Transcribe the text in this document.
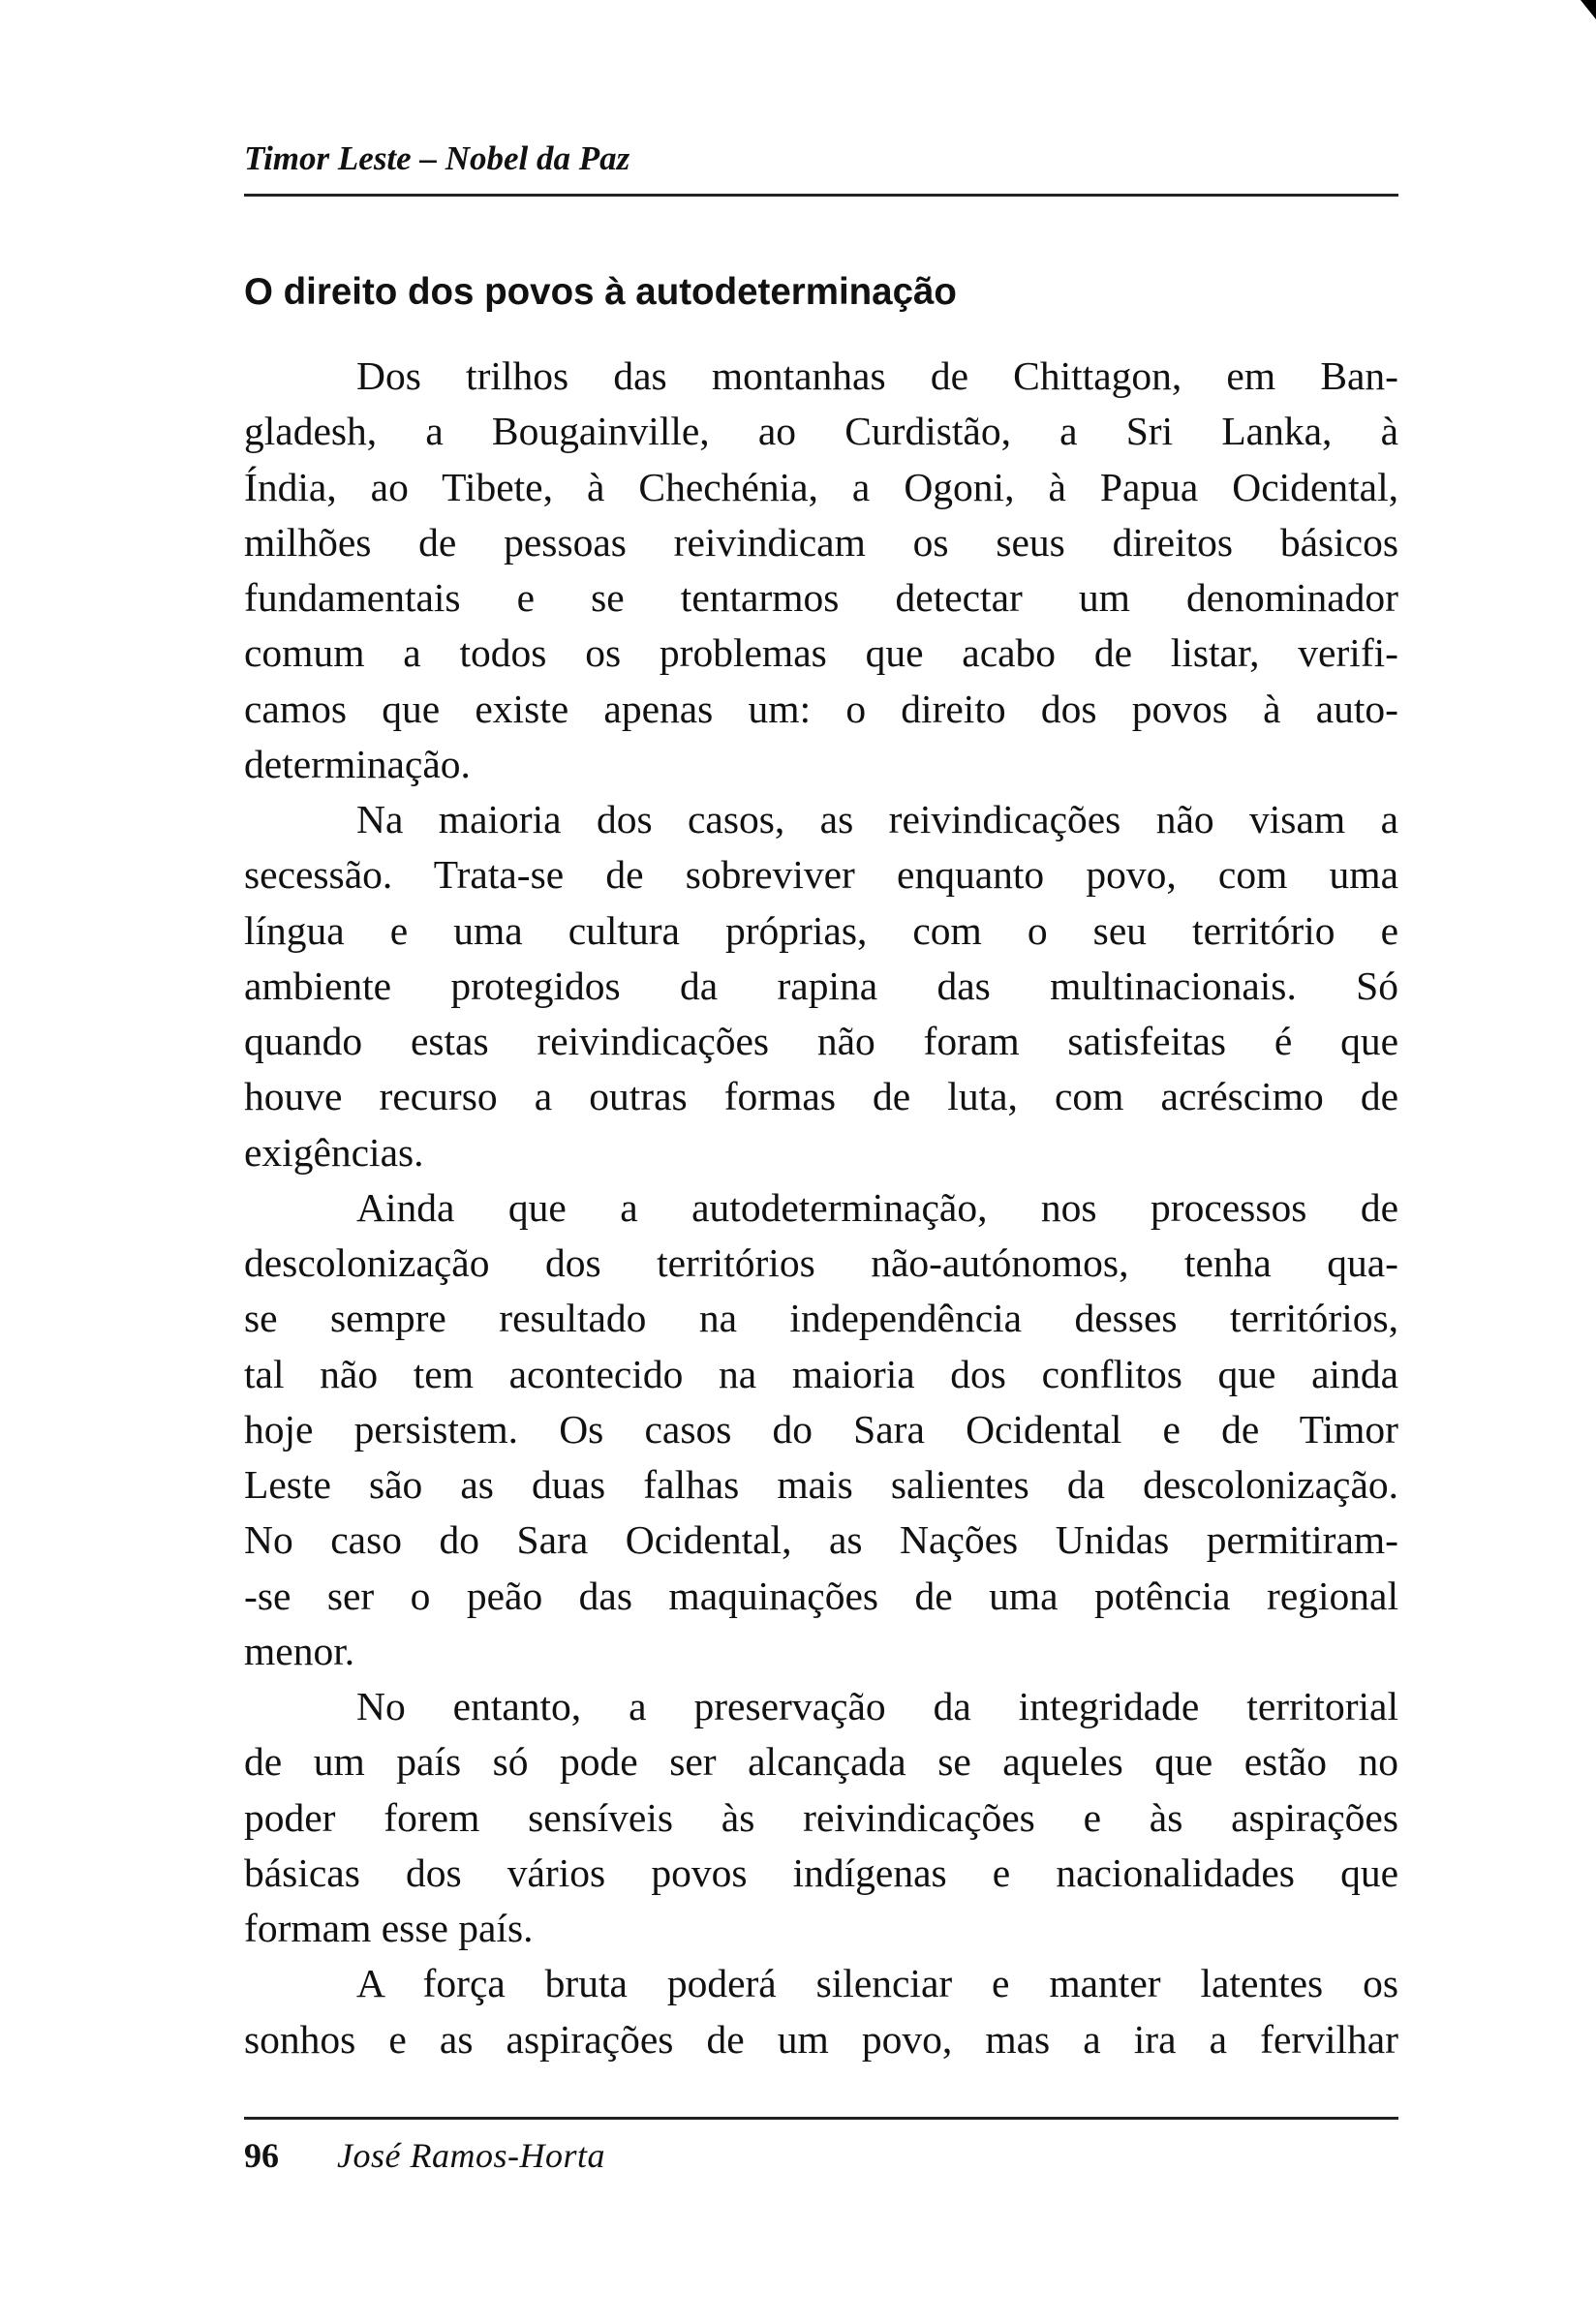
Timor Leste – Nobel da Paz
O direito dos povos à autodeterminação
Dos trilhos das montanhas de Chittagon, em Ban-
gladesh, a Bougainville, ao Curdistão, a Sri Lanka, à
Índia, ao Tibete, à Chechénia, a Ogoni, à Papua Ocidental,
milhões de pessoas reivindicam os seus direitos básicos
fundamentais e se tentarmos detectar um denominador
comum a todos os problemas que acabo de listar, verifi-
camos que existe apenas um: o direito dos povos à auto-
determinação.
Na maioria dos casos, as reivindicações não visam a
secessão. Trata-se de sobreviver enquanto povo, com uma
língua e uma cultura próprias, com o seu território e
ambiente protegidos da rapina das multinacionais. Só
quando estas reivindicações não foram satisfeitas é que
houve recurso a outras formas de luta, com acréscimo de
exigências.
Ainda que a autodeterminação, nos processos de
descolonização dos territórios não-autónomos, tenha qua-
se sempre resultado na independência desses territórios,
tal não tem acontecido na maioria dos conflitos que ainda
hoje persistem. Os casos do Sara Ocidental e de Timor
Leste são as duas falhas mais salientes da descolonização.
No caso do Sara Ocidental, as Nações Unidas permitiram-
-se ser o peão das maquinações de uma potência regional
menor.
No entanto, a preservação da integridade territorial
de um país só pode ser alcançada se aqueles que estão no
poder forem sensíveis às reivindicações e às aspirações
básicas dos vários povos indígenas e nacionalidades que
formam esse país.
A força bruta poderá silenciar e manter latentes os
sonhos e as aspirações de um povo, mas a ira a fervilhar
96 José Ramos-Horta
